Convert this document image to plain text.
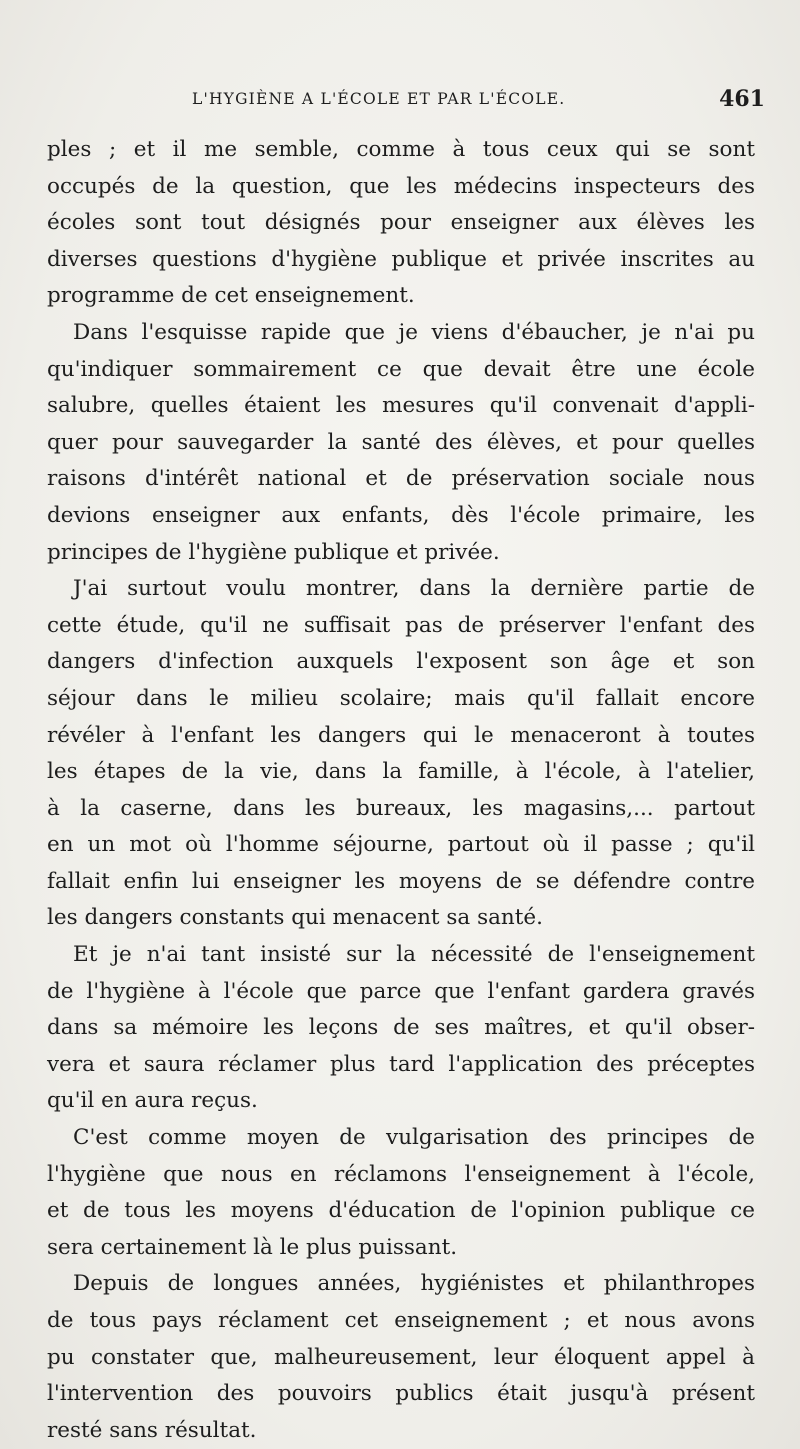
L'HYGIÈNE A L'ÉCOLE ET PAR L'ÉCOLE.	461
ples ; et il me semble, comme à tous ceux qui se sont
occupés de la question, que les médecins inspecteurs des
écoles sont tout désignés pour enseigner aux élèves les
diverses questions d'hygiène publique et privée inscrites au
programme de cet enseignement.
Dans l'esquisse rapide que je viens d'ébaucher, je n'ai pu
qu'indiquer sommairement ce que devait être une école
salubre, quelles étaient les mesures qu'il convenait d'appli-
quer pour sauvegarder la santé des élèves, et pour quelles
raisons d'intérêt national et de préservation sociale nous
devions enseigner aux enfants, dès l'école primaire, les
principes de l'hygiène publique et privée.
J'ai surtout voulu montrer, dans la dernière partie de
cette étude, qu'il ne suffisait pas de préserver l'enfant des
dangers d'infection auxquels l'exposent son âge et son
séjour dans le milieu scolaire; mais qu'il fallait encore
révéler à l'enfant les dangers qui le menaceront à toutes
les étapes de la vie, dans la famille, à l'école, à l'atelier,
à la caserne, dans les bureaux, les magasins,... partout
en un mot où l'homme séjourne, partout où il passe ; qu'il
fallait enfin lui enseigner les moyens de se défendre contre
les dangers constants qui menacent sa santé.
Et je n'ai tant insisté sur la nécessité de l'enseignement
de l'hygiène à l'école que parce que l'enfant gardera gravés
dans sa mémoire les leçons de ses maîtres, et qu'il obser-
vera et saura réclamer plus tard l'application des préceptes
qu'il en aura reçus.
C'est comme moyen de vulgarisation des principes de
l'hygiène que nous en réclamons l'enseignement à l'école,
et de tous les moyens d'éducation de l'opinion publique ce
sera certainement là le plus puissant.
Depuis de longues années, hygiénistes et philanthropes
de tous pays réclament cet enseignement ; et nous avons
pu constater que, malheureusement, leur éloquent appel à
l'intervention des pouvoirs publics était jusqu'à présent
resté sans résultat.
